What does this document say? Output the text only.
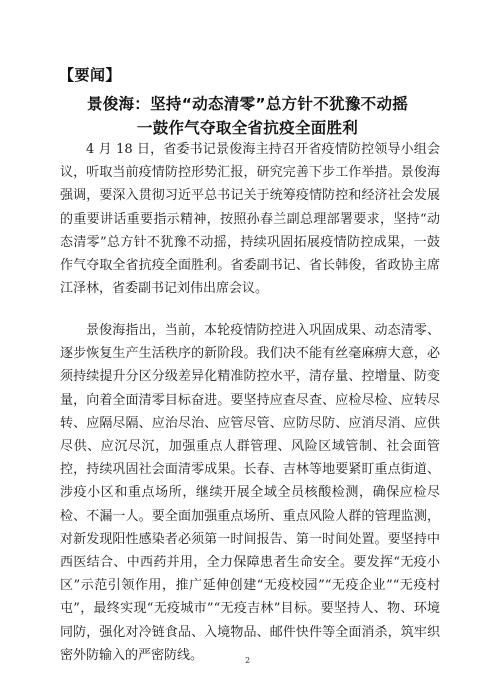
【要闻】
景俊海：坚持“动态清零”总方针不犹豫不动摇
一鼓作气夺取全省抗疫全面胜利

4 月 18 日，省委书记景俊海主持召开省疫情防控领导小组会议，听取当前疫情防控形势汇报，研究完善下步工作举措。景俊海强调，要深入贯彻习近平总书记关于统筹疫情防控和经济社会发展的重要讲话重要指示精神，按照孙春兰副总理部署要求，坚持“动态清零”总方针不犹豫不动摇，持续巩固拓展疫情防控成果，一鼓作气夺取全省抗疫全面胜利。省委副书记、省长韩俊，省政协主席江泽林，省委副书记刘伟出席会议。

景俊海指出，当前，本轮疫情防控进入巩固成果、动态清零、逐步恢复生产生活秩序的新阶段。我们决不能有丝毫麻痹大意，必须持续提升分区分级差异化精准防控水平，清存量、控增量、防变量，向着全面清零目标奋进。要坚持应查尽查、应检尽检、应转尽转、应隔尽隔、应治尽治、应管尽管、应防尽防、应消尽消、应供尽供、应沉尽沉，加强重点人群管理、风险区域管制、社会面管控，持续巩固社会面清零成果。长春、吉林等地要紧盯重点街道、涉疫小区和重点场所，继续开展全域全员核酸检测，确保应检尽检、不漏一人。要全面加强重点场所、重点风险人群的管理监测，对新发现阳性感染者必须第一时间报告、第一时间处置。要坚持中西医结合、中西药并用，全力保障患者生命安全。要发挥“无疫小区”示范引领作用，推广延伸创建“无疫校园”“无疫企业”“无疫村屯”，最终实现“无疫城市”“无疫吉林”目标。要坚持人、物、环境同防，强化对冷链食品、入境物品、邮件快件等全面消杀，筑牢织密外防输入的严密防线。	2
